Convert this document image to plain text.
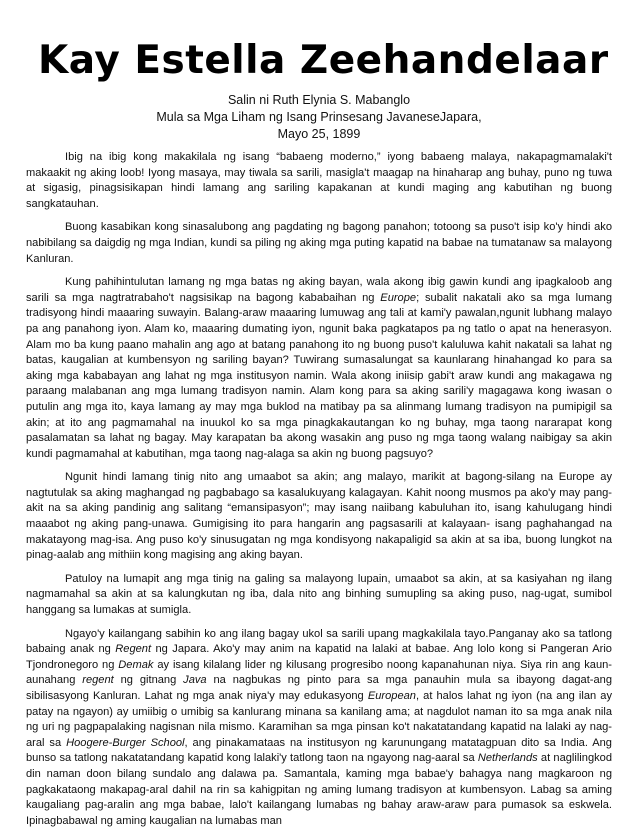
Kay Estella Zeehandelaar
Salin ni Ruth Elynia S. Mabanglo
Mula sa Mga Liham ng Isang Prinsesang JavaneseJapara,
Mayo 25, 1899

Ibig na ibig kong makakilala ng isang “babaeng moderno,” iyong babaeng malaya, nakapagmamalaki't makaakit ng aking loob! Iyong masaya, may tiwala sa sarili, masigla't maagap na hinaharap ang buhay, puno ng tuwa at sigasig, pinagsisikapan hindi lamang ang sariling kapakanan at kundi maging ang kabutihan ng buong sangkatauhan.

Buong kasabikan kong sinasalubong ang pagdating ng bagong panahon; totoong sa puso't isip ko'y hindi ako nabibilang sa daigdig ng mga Indian, kundi sa piling ng aking mga puting kapatid na babae na tumatanaw sa malayong Kanluran.

Kung pahihintulutan lamang ng mga batas ng aking bayan, wala akong ibig gawin kundi ang ipagkaloob ang sarili sa mga nagtratrabaho't nagsisikap na bagong kababaihan ng Europe; subalit nakatali ako sa mga lumang tradisyong hindi maaaring suwayin. Balang-araw maaaring lumuwag ang tali at kami'y pawalan,ngunit lubhang malayo pa ang panahong iyon. Alam ko, maaaring dumating iyon, ngunit baka pagkatapos pa ng tatlo o apat na henerasyon. Alam mo ba kung paano mahalin ang ago at batang panahong ito ng buong puso't kaluluwa kahit nakatali sa lahat ng batas, kaugalian at kumbensyon ng sariling bayan? Tuwirang sumasalungat sa kaunlarang hinahangad ko para sa aking mga kababayan ang lahat ng mga institusyon namin. Wala akong iniisip gabi't araw kundi ang makagawa ng paraang malabanan ang mga lumang tradisyon namin. Alam kong para sa aking sarili'y magagawa kong iwasan o putulin ang mga ito, kaya lamang ay may mga buklod na matibay pa sa alinmang lumang tradisyon na pumipigil sa akin; at ito ang pagmamahal na inuukol ko sa mga pinagkakautangan ko ng buhay, mga taong nararapat kong pasalamatan sa lahat ng bagay. May karapatan ba akong wasakin ang puso ng mga taong walang naibigay sa akin kundi pagmamahal at kabutihan, mga taong nag-alaga sa akin ng buong pagsuyo?

Ngunit hindi lamang tinig nito ang umaabot sa akin; ang malayo, marikit at bagong-silang na Europe ay nagtutulak sa aking maghangad ng pagbabago sa kasalukuyang kalagayan. Kahit noong musmos pa ako'y may pang-akit na sa aking pandinig ang salitang “emansipasyon”; may isang naiibang kabuluhan ito, isang kahulugang hindi maaabot ng aking pang-unawa. Gumigising ito para hangarin ang pagsasarili at kalayaan- isang paghahangad na makatayong mag-isa. Ang puso ko'y sinusugatan ng mga kondisyong nakapaligid sa akin at sa iba, buong lungkot na pinag-aalab ang mithiin kong magising ang aking bayan.

Patuloy na lumapit ang mga tinig na galing sa malayong lupain, umaabot sa akin, at sa kasiyahan ng ilang nagmamahal sa akin at sa kalungkutan ng iba, dala nito ang binhing sumupling sa aking puso, nag-ugat, sumibol hanggang sa lumakas at sumigla.

Ngayo'y kailangang sabihin ko ang ilang bagay ukol sa sarili upang magkakilala tayo.Panganay ako sa tatlong babaing anak ng Regent ng Japara. Ako'y may anim na kapatid na lalaki at babae. Ang lolo kong si Pangeran Ario Tjondronegoro ng Demak ay isang kilalang lider ng kilusang progresibo noong kapanahunan niya. Siya rin ang kaun-aunahang regent ng gitnang Java na nagbukas ng pinto para sa mga panauhin mula sa ibayong dagat-ang sibilisasyong Kanluran. Lahat ng mga anak niya'y may edukasyong European, at halos lahat ng iyon (na ang ilan ay patay na ngayon) ay umiibig o umibig sa kanlurang minana sa kanilang ama; at nagdulot naman ito sa mga anak nila ng uri ng pagpapalaking nagisnan nila mismo. Karamihan sa mga pinsan ko't nakatatandang kapatid na lalaki ay nag-aral sa Hoogere-Burger School, ang pinakamataas na institusyon ng karunungang matatagpuan dito sa India. Ang bunso sa tatlong nakatatandang kapatid kong lalaki'y tatlong taon na ngayong nag-aaral sa Netherlands at naglilingkod din naman doon bilang sundalo ang dalawa pa. Samantala, kaming mga babae'y bahagya nang magkaroon ng pagkakataong makapag-aral dahil na rin sa kahigpitan ng aming lumang tradisyon at kumbensyon. Labag sa aming kaugaliang pag-aralin ang mga babae, lalo't kailangang lumabas ng bahay araw-araw para pumasok sa eskwela. Ipinagbabawal ng aming kaugalian na lumabas man
